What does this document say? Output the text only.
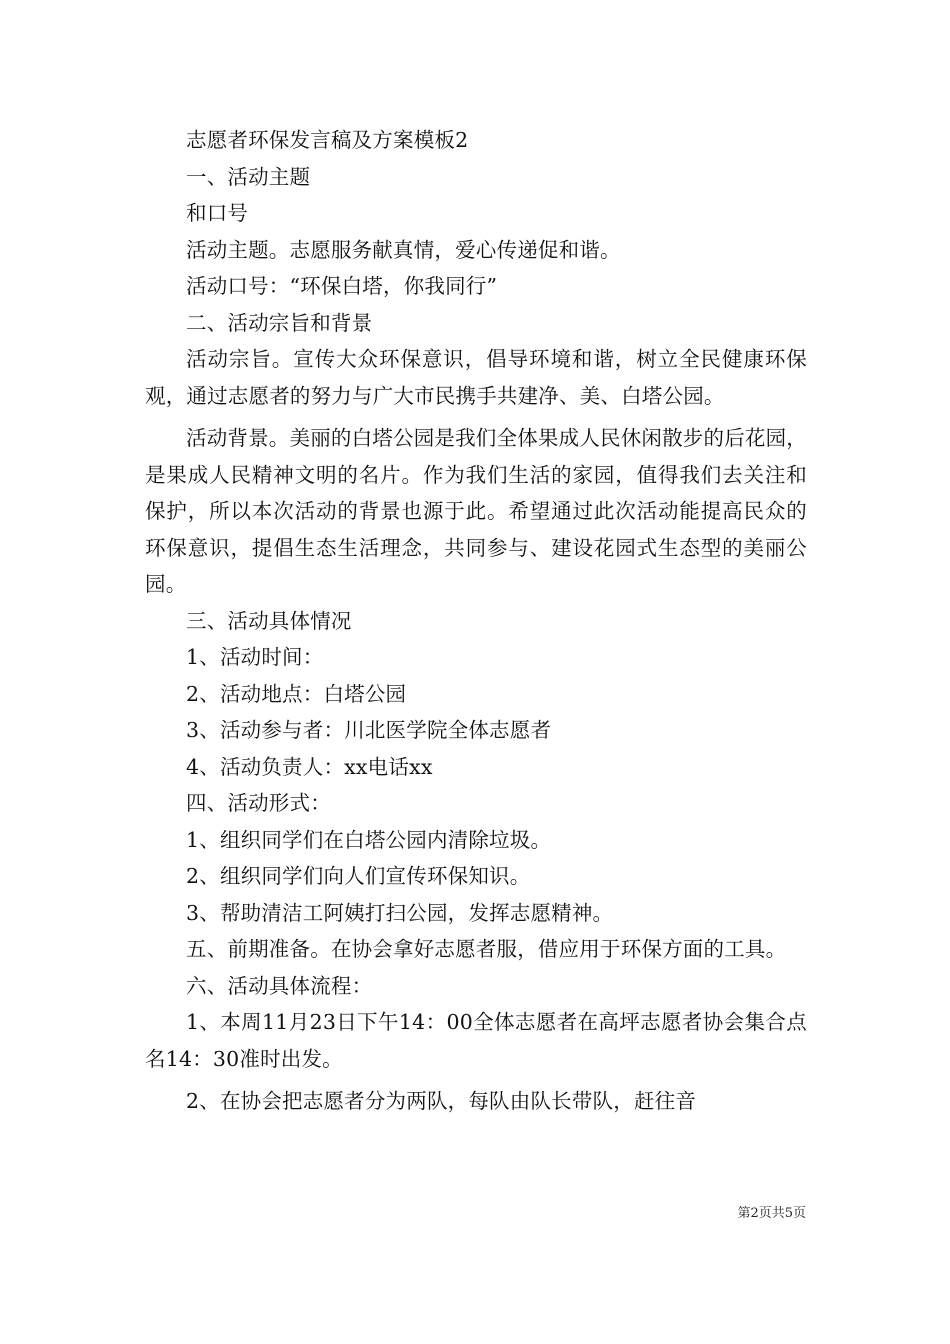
志愿者环保发言稿及方案模板2

一、活动主题

和口号

活动主题。志愿服务献真情，爱心传递促和谐。

活动口号：“环保白塔，你我同行”

二、活动宗旨和背景

活动宗旨。宣传大众环保意识，倡导环境和谐，树立全民健康环保观，通过志愿者的努力与广大市民携手共建净、美、白塔公园。

活动背景。美丽的白塔公园是我们全体果成人民休闲散步的后花园，是果成人民精神文明的名片。作为我们生活的家园，值得我们去关注和保护，所以本次活动的背景也源于此。希望通过此次活动能提高民众的环保意识，提倡生态生活理念，共同参与、建设花园式生态型的美丽公园。

三、活动具体情况

1、活动时间：

2、活动地点：白塔公园

3、活动参与者：川北医学院全体志愿者

4、活动负责人：xx电话xx

四、活动形式：

1、组织同学们在白塔公园内清除垃圾。

2、组织同学们向人们宣传环保知识。

3、帮助清洁工阿姨打扫公园，发挥志愿精神。

五、前期准备。在协会拿好志愿者服，借应用于环保方面的工具。

六、活动具体流程：

1、本周11月23日下午14：00全体志愿者在高坪志愿者协会集合点名14：30准时出发。

2、在协会把志愿者分为两队，每队由队长带队，赶往音

第2页共5页
